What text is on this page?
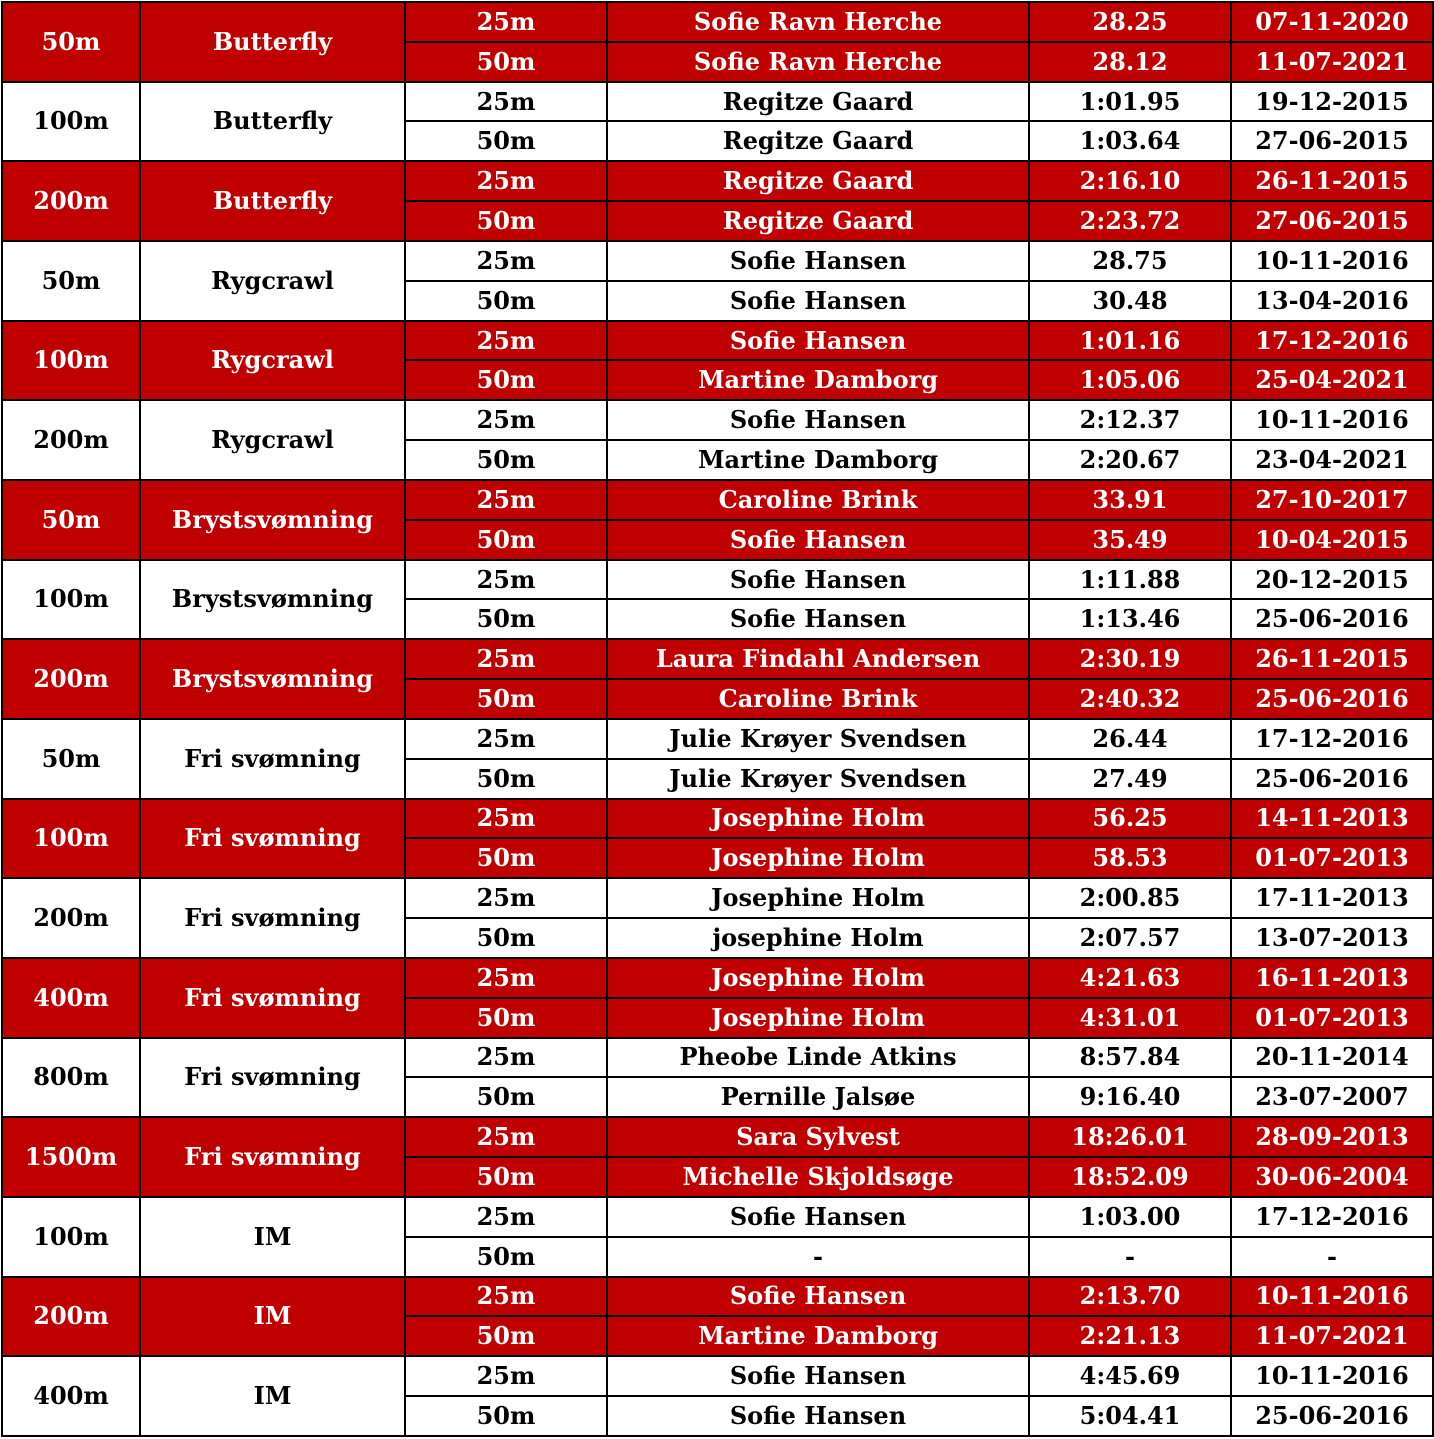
50m	Butterfly	25m	Sofie Ravn Herche	28.25	07-11-2020
		50m	Sofie Ravn Herche	28.12	11-07-2021
100m	Butterfly	25m	Regitze Gaard	1:01.95	19-12-2015
		50m	Regitze Gaard	1:03.64	27-06-2015
200m	Butterfly	25m	Regitze Gaard	2:16.10	26-11-2015
		50m	Regitze Gaard	2:23.72	27-06-2015
50m	Rygcrawl	25m	Sofie Hansen	28.75	10-11-2016
		50m	Sofie Hansen	30.48	13-04-2016
100m	Rygcrawl	25m	Sofie Hansen	1:01.16	17-12-2016
		50m	Martine Damborg	1:05.06	25-04-2021
200m	Rygcrawl	25m	Sofie Hansen	2:12.37	10-11-2016
		50m	Martine Damborg	2:20.67	23-04-2021
50m	Brystsvømning	25m	Caroline Brink	33.91	27-10-2017
		50m	Sofie Hansen	35.49	10-04-2015
100m	Brystsvømning	25m	Sofie Hansen	1:11.88	20-12-2015
		50m	Sofie Hansen	1:13.46	25-06-2016
200m	Brystsvømning	25m	Laura Findahl Andersen	2:30.19	26-11-2015
		50m	Caroline Brink	2:40.32	25-06-2016
50m	Fri svømning	25m	Julie Krøyer Svendsen	26.44	17-12-2016
		50m	Julie Krøyer Svendsen	27.49	25-06-2016
100m	Fri svømning	25m	Josephine Holm	56.25	14-11-2013
		50m	Josephine Holm	58.53	01-07-2013
200m	Fri svømning	25m	Josephine Holm	2:00.85	17-11-2013
		50m	josephine Holm	2:07.57	13-07-2013
400m	Fri svømning	25m	Josephine Holm	4:21.63	16-11-2013
		50m	Josephine Holm	4:31.01	01-07-2013
800m	Fri svømning	25m	Pheobe Linde Atkins	8:57.84	20-11-2014
		50m	Pernille Jalsøe	9:16.40	23-07-2007
1500m	Fri svømning	25m	Sara Sylvest	18:26.01	28-09-2013
		50m	Michelle Skjoldsøge	18:52.09	30-06-2004
100m	IM	25m	Sofie Hansen	1:03.00	17-12-2016
		50m	-	-	-
200m	IM	25m	Sofie Hansen	2:13.70	10-11-2016
		50m	Martine Damborg	2:21.13	11-07-2021
400m	IM	25m	Sofie Hansen	4:45.69	10-11-2016
		50m	Sofie Hansen	5:04.41	25-06-2016
